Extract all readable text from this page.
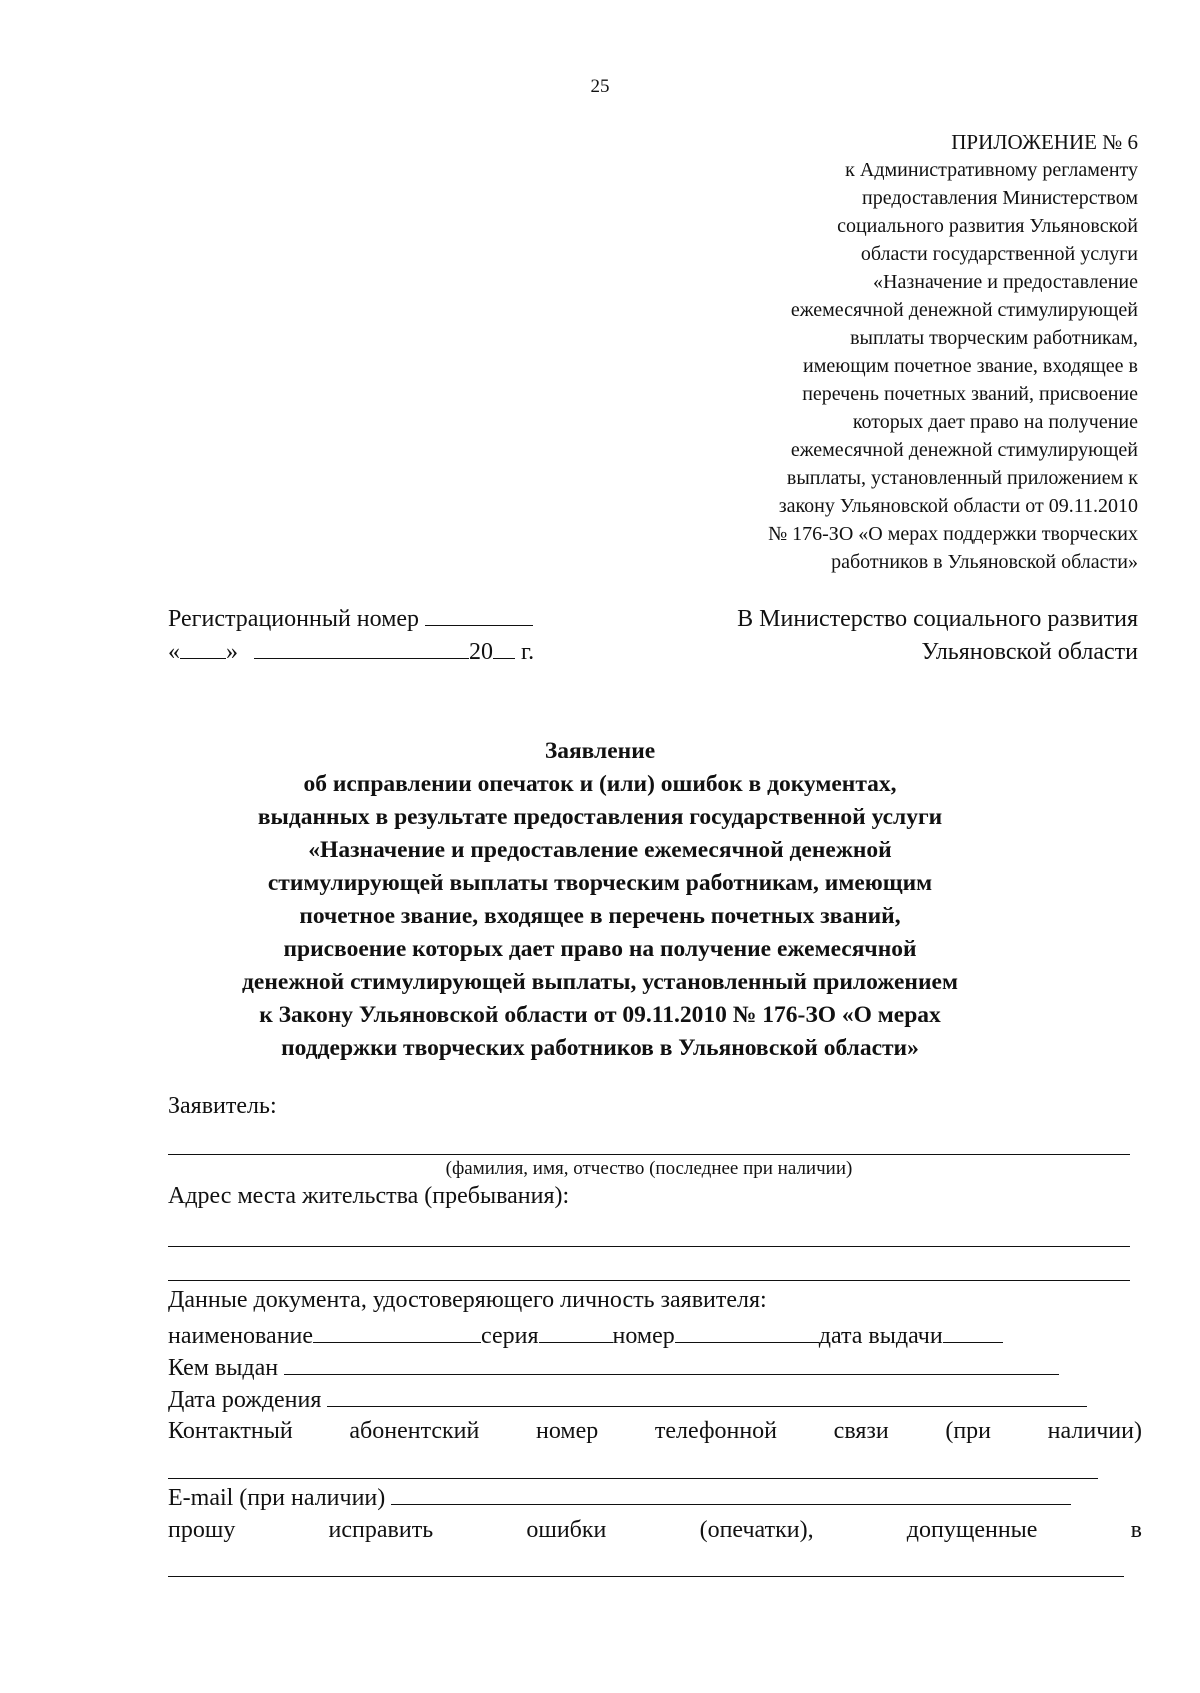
25
ПРИЛОЖЕНИЕ № 6
к Административному регламенту
предоставления Министерством
социального развития Ульяновской
области государственной услуги
«Назначение и предоставление
ежемесячной денежной стимулирующей
выплаты творческим работникам,
имеющим почетное звание, входящее в
перечень почетных званий, присвоение
которых дает право на получение
ежемесячной денежной стимулирующей
выплаты, установленный приложением к
закону Ульяновской области от 09.11.2010
№ 176-ЗО «О мерах поддержки творческих
работников в Ульяновской области»
Регистрационный номер
« »	20 г.
В Министерство социального развития
Ульяновской области
Заявление
об исправлении опечаток и (или) ошибок в документах,
выданных в результате предоставления государственной услуги
«Назначение и предоставление ежемесячной денежной
стимулирующей выплаты творческим работникам, имеющим
почетное звание, входящее в перечень почетных званий,
присвоение которых дает право на получение ежемесячной
денежной стимулирующей выплаты, установленный приложением
к Закону Ульяновской области от 09.11.2010 № 176-ЗО «О мерах
поддержки творческих работников в Ульяновской области»
Заявитель:
(фамилия, имя, отчество (последнее при наличии)
Адрес места жительства (пребывания):
Данные документа, удостоверяющего личность заявителя:
наименование	серия	номер	дата выдачи
Кем выдан
Дата рождения
Контактный абонентский номер телефонной связи (при наличии)
E-mail (при наличии)
прошу	исправить	ошибки	(опечатки),	допущенные	в
